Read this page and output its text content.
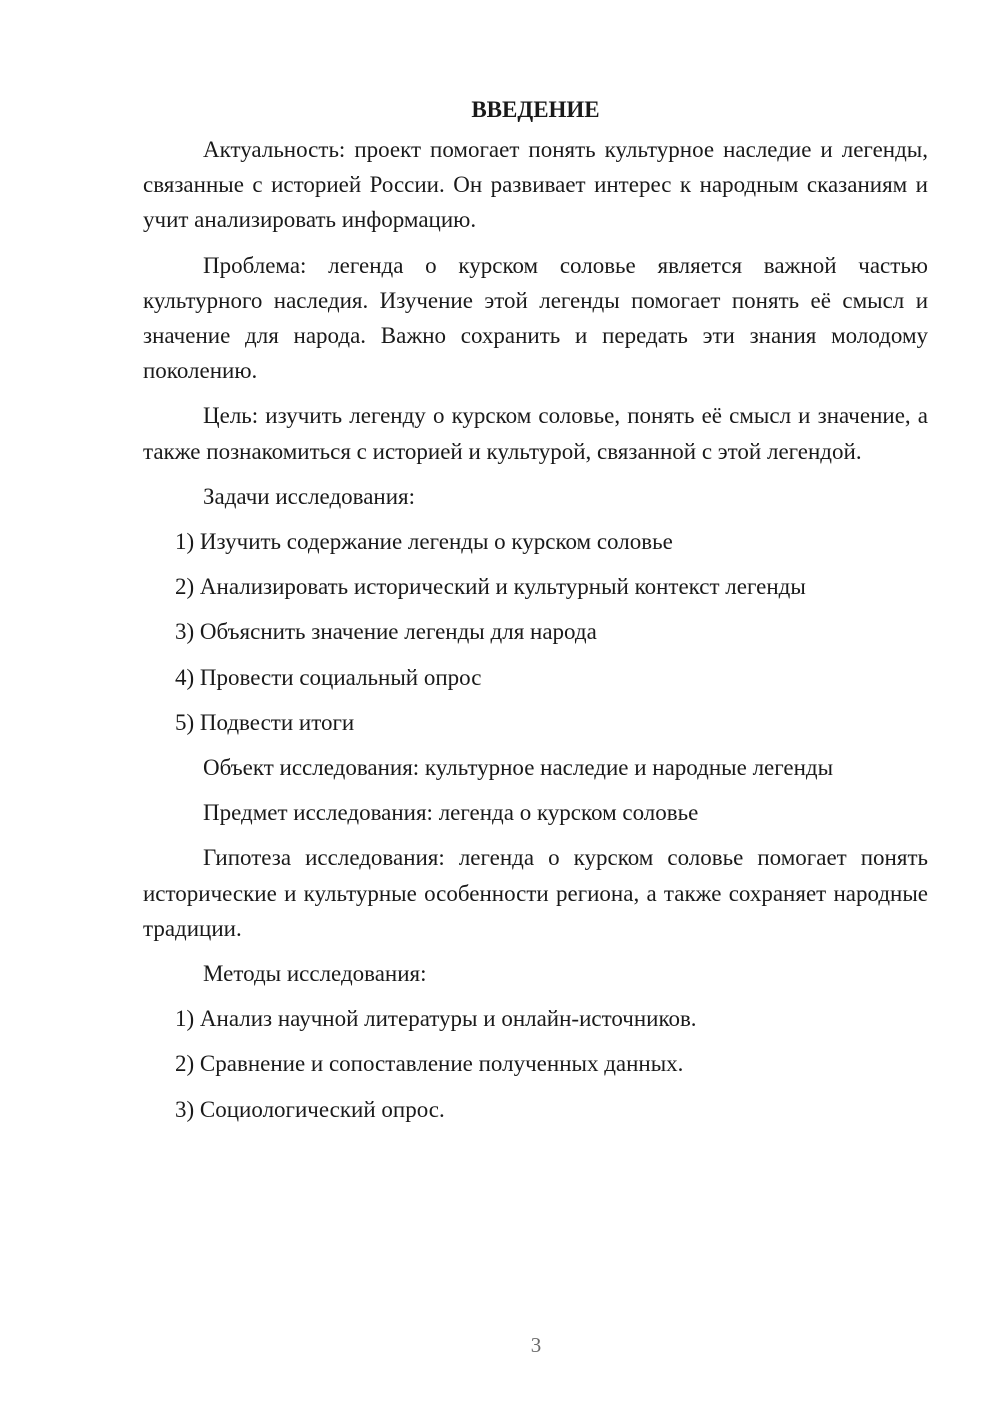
ВВЕДЕНИЕ

Актуальность: проект помогает понять культурное наследие и легенды, связанные с историей России. Он развивает интерес к народным сказаниям и учит анализировать информацию.

Проблема: легенда о курском соловье является важной частью культурного наследия. Изучение этой легенды помогает понять её смысл и значение для народа. Важно сохранить и передать эти знания молодому поколению.

Цель: изучить легенду о курском соловье, понять её смысл и значение, а также познакомиться с историей и культурой, связанной с этой легендой.

Задачи исследования:
1) Изучить содержание легенды о курском соловье
2) Анализировать исторический и культурный контекст легенды
3) Объяснить значение легенды для народа
4) Провести социальный опрос
5) Подвести итоги
Объект исследования: культурное наследие и народные легенды
Предмет исследования: легенда о курском соловье

Гипотеза исследования: легенда о курском соловье помогает понять исторические и культурные особенности региона, а также сохраняет народные традиции.

Методы исследования:
1) Анализ научной литературы и онлайн-источников.
2) Сравнение и сопоставление полученных данных.
3) Социологический опрос.
3
